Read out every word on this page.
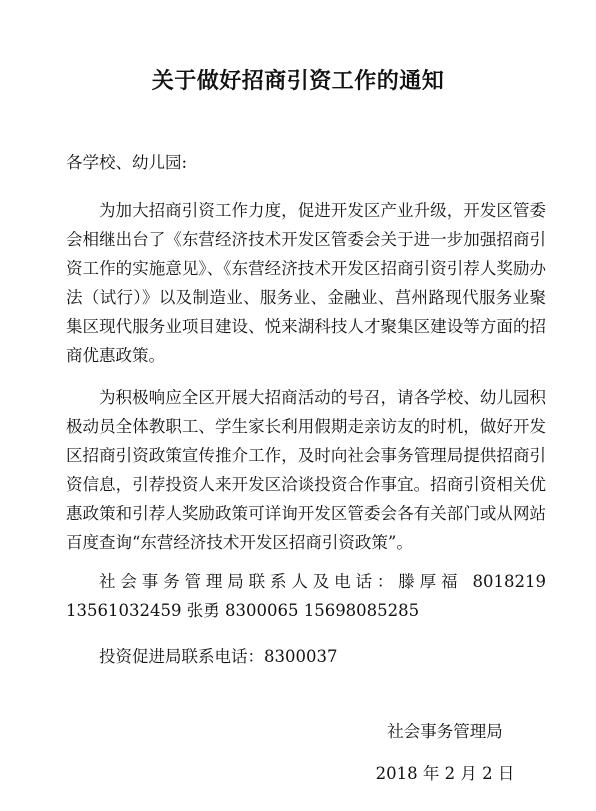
关于做好招商引资工作的通知
各学校、幼儿园:
为加大招商引资工作力度，促进开发区产业升级，开发区管委会相继出台了《东营经济技术开发区管委会关于进一步加强招商引资工作的实施意见》、《东营经济技术开发区招商引资引荐人奖励办法（试行）》以及制造业、服务业、金融业、莒州路现代服务业聚集区现代服务业项目建设、悦来湖科技人才聚集区建设等方面的招商优惠政策。
为积极响应全区开展大招商活动的号召，请各学校、幼儿园积极动员全体教职工、学生家长利用假期走亲访友的时机，做好开发区招商引资政策宣传推介工作，及时向社会事务管理局提供招商引资信息，引荐投资人来开发区洽谈投资合作事宜。招商引资相关优惠政策和引荐人奖励政策可详询开发区管委会各有关部门或从网站百度查询“东营经济技术开发区招商引资政策”。
社会事务管理局联系人及电话：滕厚福 8018219 13561032459 张勇 8300065 15698085285
投资促进局联系电话：8300037
社会事务管理局
2018 年 2 月 2 日
